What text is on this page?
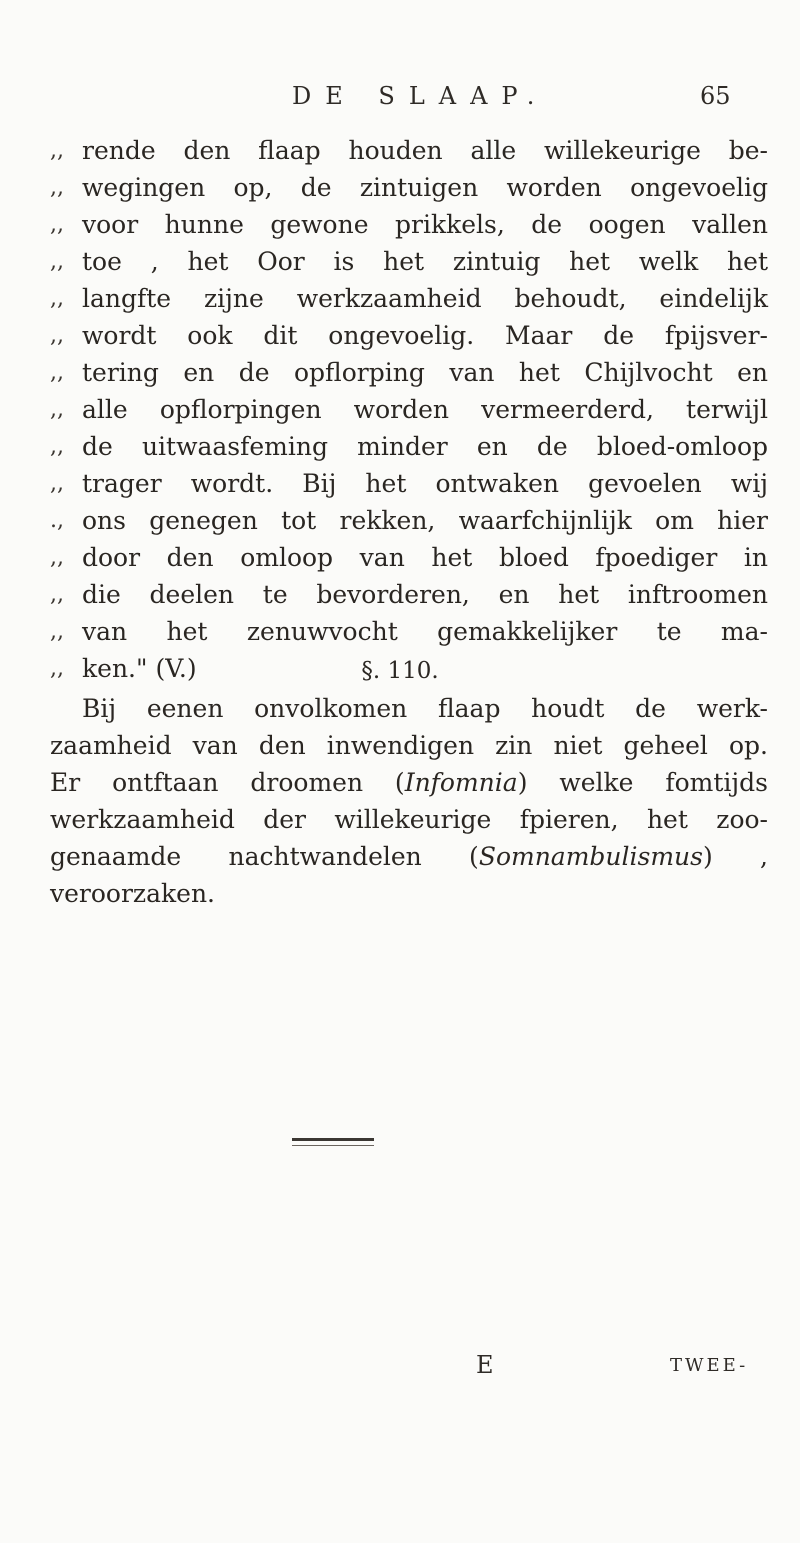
DE SLAAP.	65
,, rende den flaap houden alle willekeurige be-
,, wegingen op, de zintuigen worden ongevoelig
,, voor hunne gewone prikkels, de oogen vallen
,, toe , het Oor is het zintuig het welk het
,, langfte zijne werkzaamheid behoudt, eindelijk
,, wordt ook dit ongevoelig. Maar de fpijsver-
,, tering en de opflorping van het Chijlvocht en
,, alle opflorpingen worden vermeerderd, terwijl
,, de uitwaasfeming minder en de bloed-omloop
,, trager wordt. Bij het ontwaken gevoelen wij
., ons genegen tot rekken, waarfchijnlijk om hier
,, door den omloop van het bloed fpoediger in
,, die deelen te bevorderen, en het inftroomen
,, van het zenuwvocht gemakkelijker te ma-
,, ken." (V.)	§. 110.
Bij eenen onvolkomen flaap houdt de werk-
zaamheid van den inwendigen zin niet geheel op.
Er ontftaan droomen (Infomnia) welke fomtijds
werkzaamheid der willekeurige fpieren, het zoo-
genaamde nachtwandelen (Somnambulismus) ,
veroorzaken.
E	TWEE-
